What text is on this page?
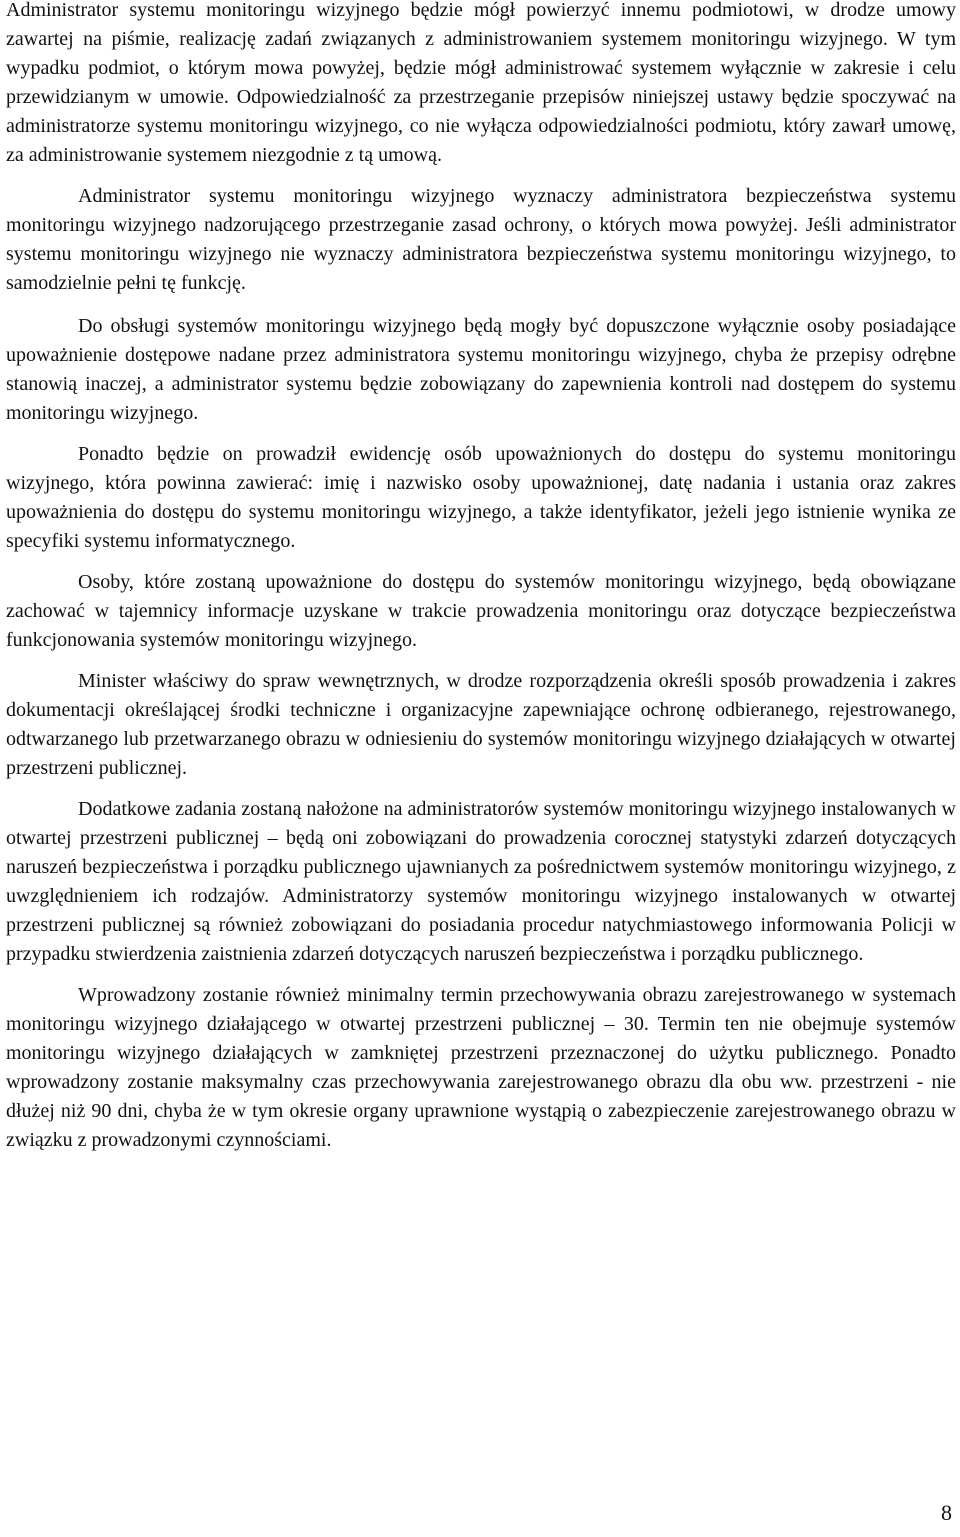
Administrator systemu monitoringu wizyjnego będzie mógł powierzyć innemu podmiotowi, w drodze umowy zawartej na piśmie, realizację zadań związanych z administrowaniem systemem monitoringu wizyjnego. W tym wypadku podmiot, o którym mowa powyżej, będzie mógł administrować systemem wyłącznie w zakresie i celu przewidzianym w umowie. Odpowiedzialność za przestrzeganie przepisów niniejszej ustawy będzie spoczywać na administratorze systemu monitoringu wizyjnego, co nie wyłącza odpowiedzialności podmiotu, który zawarł umowę, za administrowanie systemem niezgodnie z tą umową.

Administrator systemu monitoringu wizyjnego wyznaczy administratora bezpieczeństwa systemu monitoringu wizyjnego nadzorującego przestrzeganie zasad ochrony, o których mowa powyżej. Jeśli administrator systemu monitoringu wizyjnego nie wyznaczy administratora bezpieczeństwa systemu monitoringu wizyjnego, to samodzielnie pełni tę funkcję.

Do obsługi systemów monitoringu wizyjnego będą mogły być dopuszczone wyłącznie osoby posiadające upoważnienie dostępowe nadane przez administratora systemu monitoringu wizyjnego, chyba że przepisy odrębne stanowią inaczej, a administrator systemu będzie zobowiązany do zapewnienia kontroli nad dostępem do systemu monitoringu wizyjnego.

Ponadto będzie on prowadził ewidencję osób upoważnionych do dostępu do systemu monitoringu wizyjnego, która powinna zawierać: imię i nazwisko osoby upoważnionej, datę nadania i ustania oraz zakres upoważnienia do dostępu do systemu monitoringu wizyjnego, a także identyfikator, jeżeli jego istnienie wynika ze specyfiki systemu informatycznego.

Osoby, które zostaną upoważnione do dostępu do systemów monitoringu wizyjnego, będą obowiązane zachować w tajemnicy informacje uzyskane w trakcie prowadzenia monitoringu oraz dotyczące bezpieczeństwa funkcjonowania systemów monitoringu wizyjnego.

Minister właściwy do spraw wewnętrznych, w drodze rozporządzenia określi sposób prowadzenia i zakres dokumentacji określającej środki techniczne i organizacyjne zapewniające ochronę odbieranego, rejestrowanego, odtwarzanego lub przetwarzanego obrazu w odniesieniu do systemów monitoringu wizyjnego działających w otwartej przestrzeni publicznej.

Dodatkowe zadania zostaną nałożone na administratorów systemów monitoringu wizyjnego instalowanych w otwartej przestrzeni publicznej – będą oni zobowiązani do prowadzenia corocznej statystyki zdarzeń dotyczących naruszeń bezpieczeństwa i porządku publicznego ujawnianych za pośrednictwem systemów monitoringu wizyjnego, z uwzględnieniem ich rodzajów. Administratorzy systemów monitoringu wizyjnego instalowanych w otwartej przestrzeni publicznej są również zobowiązani do posiadania procedur natychmiastowego informowania Policji w przypadku stwierdzenia zaistnienia zdarzeń dotyczących naruszeń bezpieczeństwa i porządku publicznego.

Wprowadzony zostanie również minimalny termin przechowywania obrazu zarejestrowanego w systemach monitoringu wizyjnego działającego w otwartej przestrzeni publicznej – 30. Termin ten nie obejmuje systemów monitoringu wizyjnego działających w zamkniętej przestrzeni przeznaczonej do użytku publicznego. Ponadto wprowadzony zostanie maksymalny czas przechowywania zarejestrowanego obrazu dla obu ww. przestrzeni - nie dłużej niż 90 dni, chyba że w tym okresie organy uprawnione wystąpią o zabezpieczenie zarejestrowanego obrazu w związku z prowadzonymi czynnościami.

8
